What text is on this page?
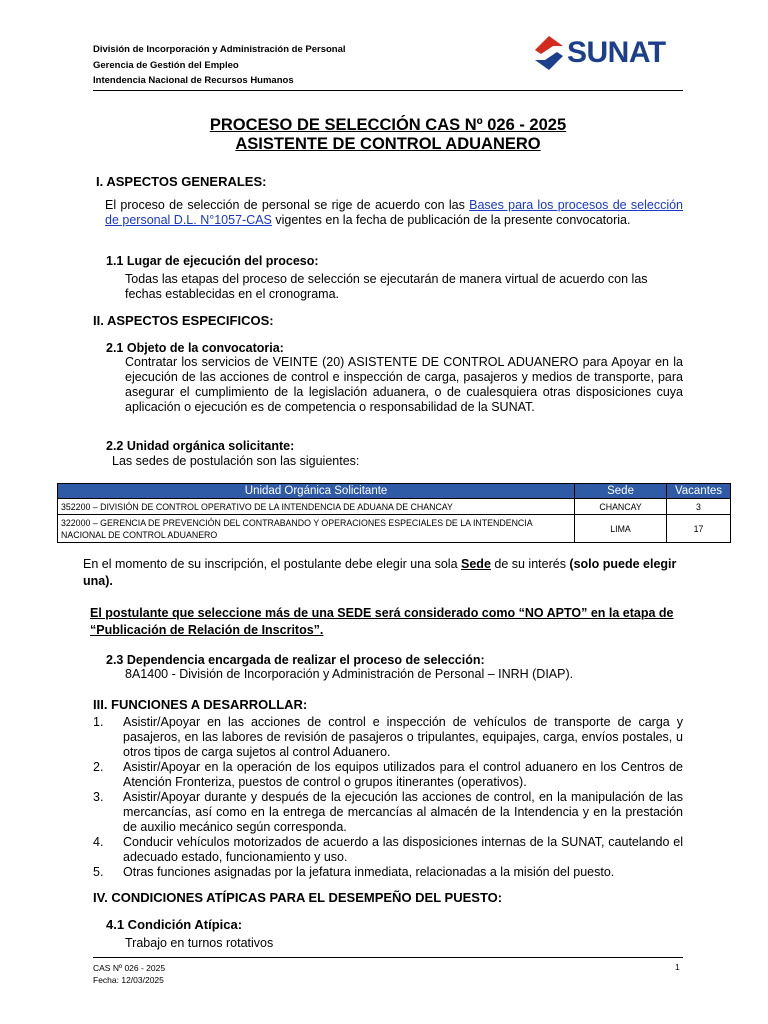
División de Incorporación y Administración de Personal
Gerencia de Gestión del Empleo
Intendencia Nacional de Recursos Humanos
SUNAT
PROCESO DE SELECCIÓN CAS Nº 026 - 2025
ASISTENTE DE CONTROL ADUANERO
I. ASPECTOS GENERALES:
El proceso de selección de personal se rige de acuerdo con las Bases para los procesos de selección de personal D.L. N°1057-CAS vigentes en la fecha de publicación de la presente convocatoria.
1.1 Lugar de ejecución del proceso:
Todas las etapas del proceso de selección se ejecutarán de manera virtual de acuerdo con las fechas establecidas en el cronograma.
II. ASPECTOS ESPECIFICOS:
2.1 Objeto de la convocatoria:
Contratar los servicios de VEINTE (20) ASISTENTE DE CONTROL ADUANERO para Apoyar en la ejecución de las acciones de control e inspección de carga, pasajeros y medios de transporte, para asegurar el cumplimiento de la legislación aduanera, o de cualesquiera otras disposiciones cuya aplicación o ejecución es de competencia o responsabilidad de la SUNAT.
2.2 Unidad orgánica solicitante:
Las sedes de postulación son las siguientes:
Unidad Orgánica Solicitante	Sede	Vacantes
352200 – DIVISIÓN DE CONTROL OPERATIVO DE LA INTENDENCIA DE ADUANA DE CHANCAY	CHANCAY	3
322000 – GERENCIA DE PREVENCIÓN DEL CONTRABANDO Y OPERACIONES ESPECIALES DE LA INTENDENCIA NACIONAL DE CONTROL ADUANERO	LIMA	17
En el momento de su inscripción, el postulante debe elegir una sola Sede de su interés (solo puede elegir una).
El postulante que seleccione más de una SEDE será considerado como “NO APTO” en la etapa de “Publicación de Relación de Inscritos”.
2.3 Dependencia encargada de realizar el proceso de selección:
8A1400 - División de Incorporación y Administración de Personal – INRH (DIAP).
III. FUNCIONES A DESARROLLAR:
1. Asistir/Apoyar en las acciones de control e inspección de vehículos de transporte de carga y pasajeros, en las labores de revisión de pasajeros o tripulantes, equipajes, carga, envíos postales, u otros tipos de carga sujetos al control Aduanero.
2. Asistir/Apoyar en la operación de los equipos utilizados para el control aduanero en los Centros de Atención Fronteriza, puestos de control o grupos itinerantes (operativos).
3. Asistir/Apoyar durante y después de la ejecución las acciones de control, en la manipulación de las mercancías, así como en la entrega de mercancías al almacén de la Intendencia y en la prestación de auxilio mecánico según corresponda.
4. Conducir vehículos motorizados de acuerdo a las disposiciones internas de la SUNAT, cautelando el adecuado estado, funcionamiento y uso.
5. Otras funciones asignadas por la jefatura inmediata, relacionadas a la misión del puesto.
IV. CONDICIONES ATÍPICAS PARA EL DESEMPEÑO DEL PUESTO:
4.1 Condición Atípica:
Trabajo en turnos rotativos
CAS Nº 026 - 2025
Fecha: 12/03/2025
1
